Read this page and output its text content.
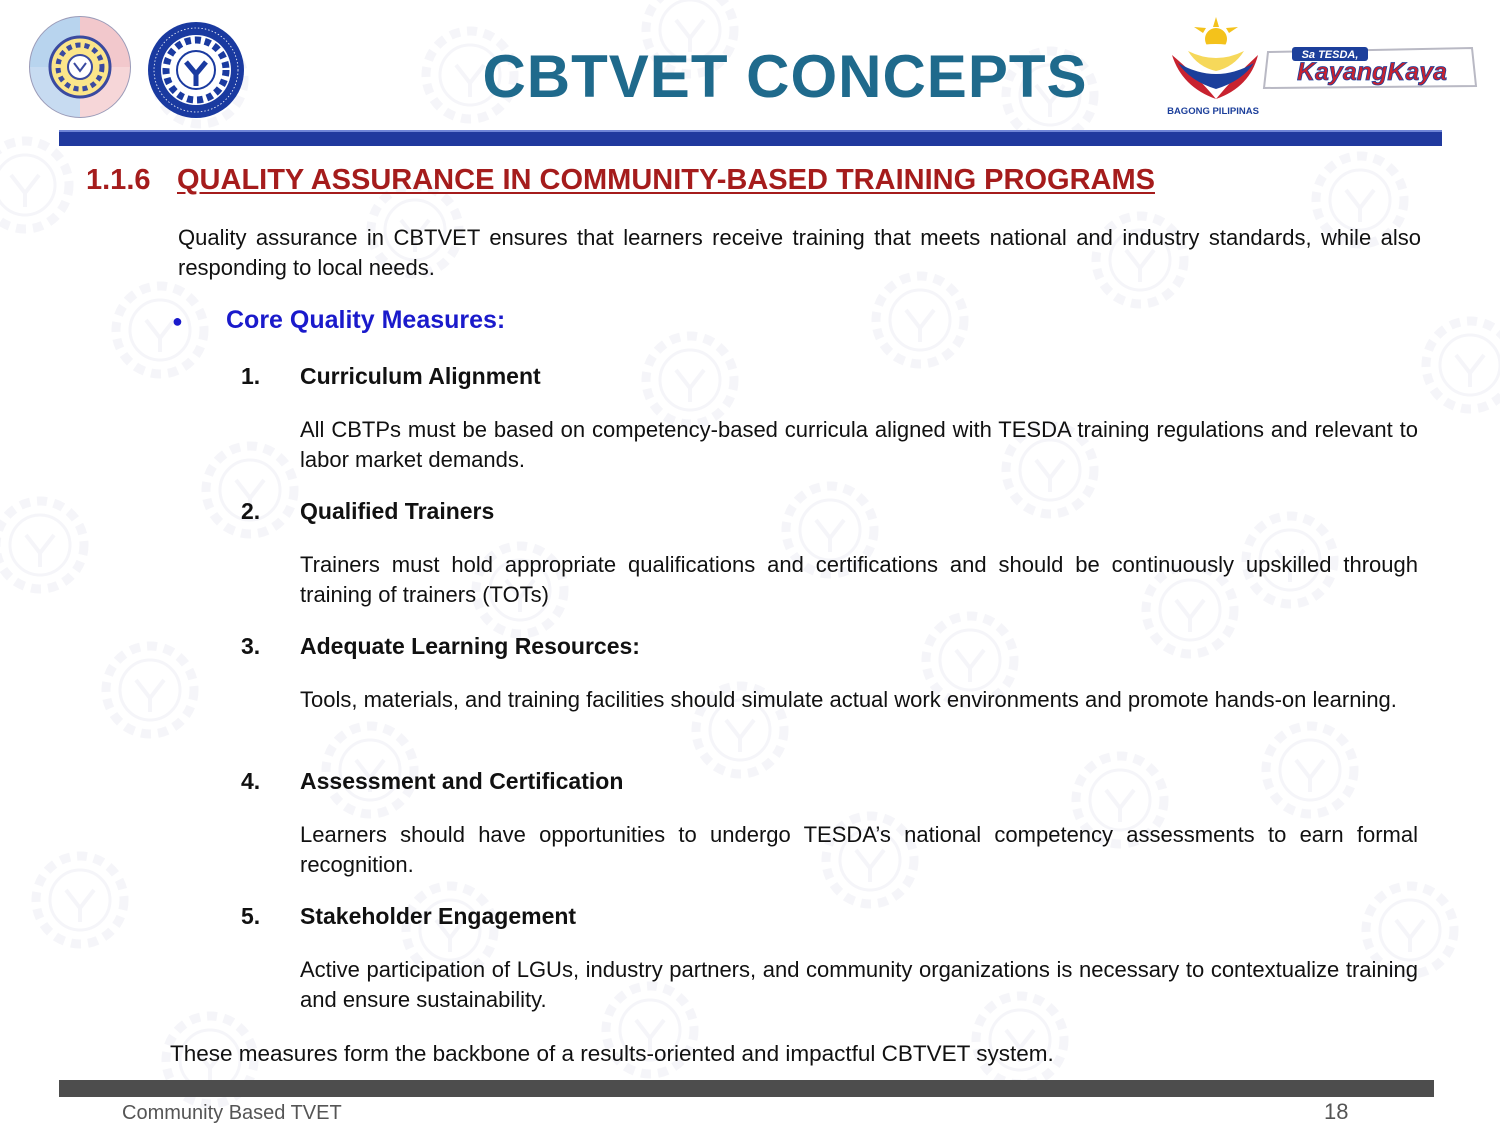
BAGONG PILIPINAS
Sa TESDA,
KayangKaya
CBTVET CONCEPTS
1.1.6 QUALITY ASSURANCE IN COMMUNITY-BASED TRAINING PROGRAMS
Quality assurance in CBTVET ensures that learners receive training that meets national and industry standards, while also responding to local needs.
● Core Quality Measures:
1. Curriculum Alignment
All CBTPs must be based on competency-based curricula aligned with TESDA training regulations and relevant to labor market demands.
2. Qualified Trainers
Trainers must hold appropriate qualifications and certifications and should be continuously upskilled through training of trainers (TOTs)
3. Adequate Learning Resources:
Tools, materials, and training facilities should simulate actual work environments and promote hands-on learning.
4. Assessment and Certification
Learners should have opportunities to undergo TESDA’s national competency assessments to earn formal recognition.
5. Stakeholder Engagement
Active participation of LGUs, industry partners, and community organizations is necessary to contextualize training and ensure sustainability.
These measures form the backbone of a results-oriented and impactful CBTVET system.
Community Based TVET	18
